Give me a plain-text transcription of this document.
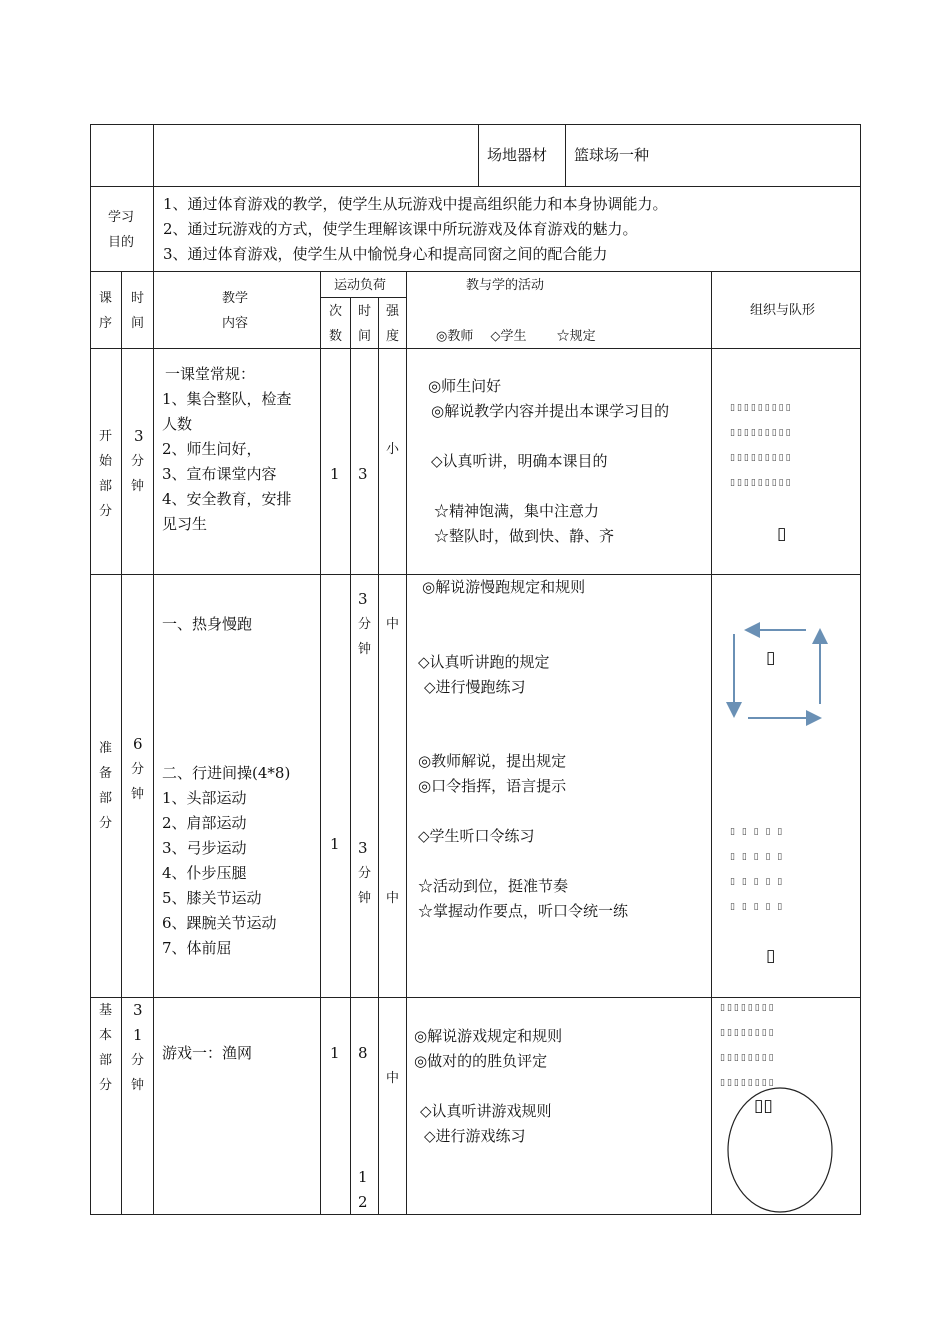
场地器材 篮球场一种
学习
目的
1、通过体育游戏的教学，使学生从玩游戏中提高组织能力和本身协调能力。
2、通过玩游戏的方式，使学生理解该课中所玩游戏及体育游戏的魅力。
3、通过体育游戏，使学生从中愉悦身心和提高同窗之间的配合能力
课
序
时
间
教学
内容
运动负荷
次
数
时
间
强
度
教与学的活动
◎教师　 ◇学生　 　☆规定
组织与队形
开
始
部
分
3
分
钟
一课堂常规：
1、集合整队，检查
人数
2、师生问好，
3、宣布课堂内容
4、安全教育，安排
见习生
1 3
小
◎师生问好
◎解说教学内容并提出本课学习目的
◇认真听讲，明确本课目的
☆精神饱满，集中注意力
☆整队时，做到快、静、齐
▯▯▯▯▯▯▯▯▯
▯▯▯▯▯▯▯▯▯
▯▯▯▯▯▯▯▯▯
▯▯▯▯▯▯▯▯▯
▯
准
备
部
分
6
分
钟
一、热身慢跑
二、行进间操(4*8)
1、头部运动
2、肩部运动
3、弓步运动
4、仆步压腿
5、膝关节运动
6、踝腕关节运动
7、体前屈
1
3
分
钟
3
分
钟
中
中
◎解说游慢跑规定和规则
◇认真听讲跑的规定
◇进行慢跑练习
◎教师解说，提出规定
◎口令指挥，语言提示
◇学生听口令练习
☆活动到位，挺准节奏
☆掌握动作要点，听口令统一练
▯
▯ ▯ ▯ ▯ ▯
▯ ▯ ▯ ▯ ▯
▯ ▯ ▯ ▯ ▯
▯ ▯ ▯ ▯ ▯
▯
基
本
部
分
3
1
分
钟
游戏一：渔网	1 8
1
2
中
◎解说游戏规定和规则
◎做对的的胜负评定
◇认真听讲游戏规则
◇进行游戏练习
▯▯▯▯▯▯▯▯
▯▯▯▯▯▯▯▯
▯▯▯▯▯▯▯▯
▯▯▯▯▯▯▯▯
▯▯
